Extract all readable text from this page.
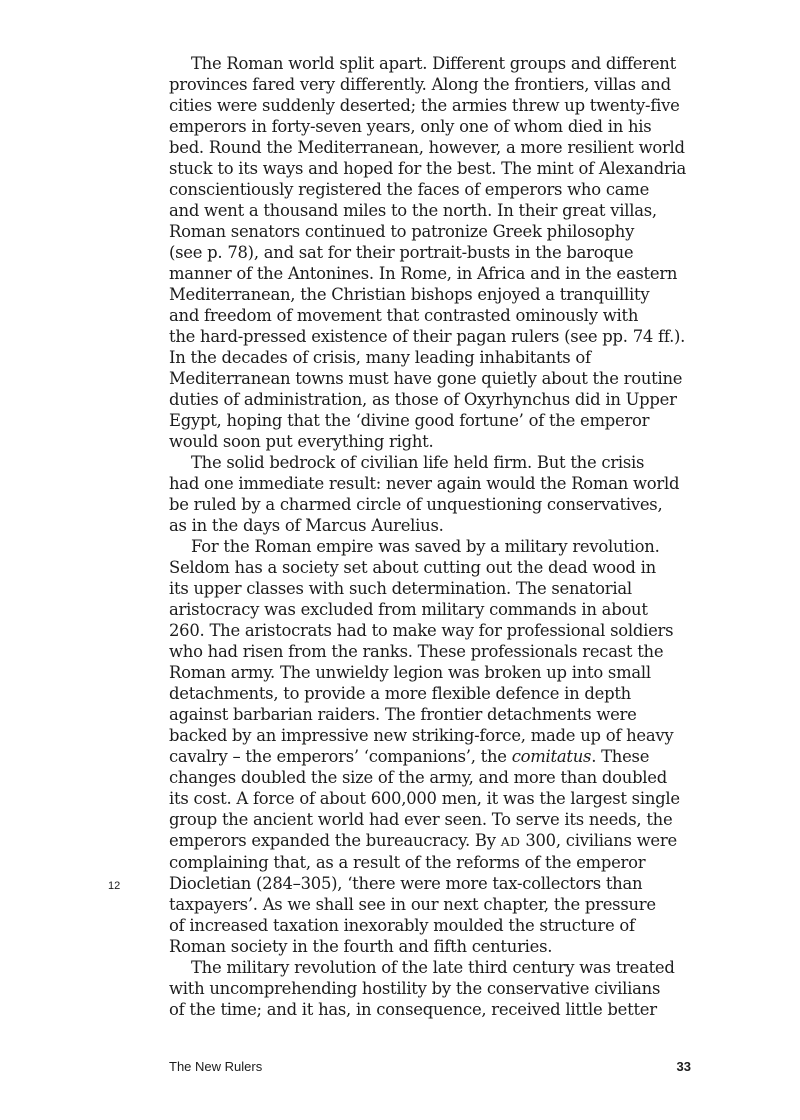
The Roman world split apart. Different groups and different
provinces fared very differently. Along the frontiers, villas and
cities were suddenly deserted; the armies threw up twenty-five
emperors in forty-seven years, only one of whom died in his
bed. Round the Mediterranean, however, a more resilient world
stuck to its ways and hoped for the best. The mint of Alexandria
conscientiously registered the faces of emperors who came
and went a thousand miles to the north. In their great villas,
Roman senators continued to patronize Greek philosophy
(see p. 78), and sat for their portrait-busts in the baroque
manner of the Antonines. In Rome, in Africa and in the eastern
Mediterranean, the Christian bishops enjoyed a tranquillity
and freedom of movement that contrasted ominously with
the hard-pressed existence of their pagan rulers (see pp. 74 ff.).
In the decades of crisis, many leading inhabitants of
Mediterranean towns must have gone quietly about the routine
duties of administration, as those of Oxyrhynchus did in Upper
Egypt, hoping that the ‘divine good fortune’ of the emperor
would soon put everything right.

The solid bedrock of civilian life held firm. But the crisis
had one immediate result: never again would the Roman world
be ruled by a charmed circle of unquestioning conservatives,
as in the days of Marcus Aurelius.

For the Roman empire was saved by a military revolution.
Seldom has a society set about cutting out the dead wood in
its upper classes with such determination. The senatorial
aristocracy was excluded from military commands in about
260. The aristocrats had to make way for professional soldiers
who had risen from the ranks. These professionals recast the
Roman army. The unwieldy legion was broken up into small
detachments, to provide a more flexible defence in depth
against barbarian raiders. The frontier detachments were
backed by an impressive new striking-force, made up of heavy
cavalry – the emperors’ ‘companions’, the comitatus. These
changes doubled the size of the army, and more than doubled
its cost. A force of about 600,000 men, it was the largest single
group the ancient world had ever seen. To serve its needs, the
emperors expanded the bureaucracy. By AD 300, civilians were
complaining that, as a result of the reforms of the emperor
Diocletian (284–305), ‘there were more tax-collectors than
taxpayers’. As we shall see in our next chapter, the pressure
of increased taxation inexorably moulded the structure of
Roman society in the fourth and fifth centuries.

The military revolution of the late third century was treated
with uncomprehending hostility by the conservative civilians
of the time; and it has, in consequence, received little better

12
The New Rulers	33
